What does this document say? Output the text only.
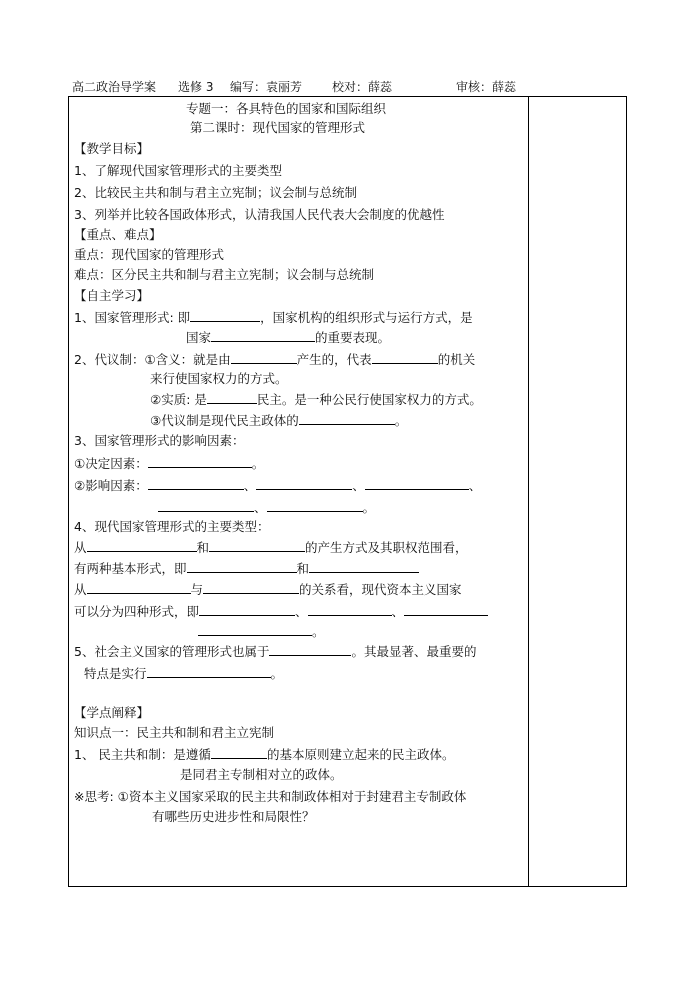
高二政治导学案 选修 3 编写：袁丽芳 校对：薛蕊	审核：薛蕊
专题一：各具特色的国家和国际组织
第二课时：现代国家的管理形式
【教学目标】
1、了解现代国家管理形式的主要类型
2、比较民主共和制与君主立宪制；议会制与总统制
3、列举并比较各国政体形式，认清我国人民代表大会制度的优越性
【重点、难点】
重点：现代国家的管理形式
难点：区分民主共和制与君主立宪制；议会制与总统制
【自主学习】
1、国家管理形式: 即	，国家机构的组织形式与运行方式，是
国家	的重要表现。
2、代议制：①含义：就是由	产生的，代表	的机关
来行使国家权力的方式。
②实质: 是	民主。是一种公民行使国家权力的方式。
③代议制是现代民主政体的	。
3、国家管理形式的影响因素：
①决定因素：	。
②影响因素：	、	、	、
、	。
4、现代国家管理形式的主要类型：
从	和	的产生方式及其职权范围看，
有两种基本形式，即	和
从	与	的关系看，现代资本主义国家
可以分为四种形式，即	、	、
。
5、社会主义国家的管理形式也属于	。其最显著、最重要的
特点是实行	。
【学点阐释】
知识点一：民主共和制和君主立宪制
1、 民主共和制：是遵循	的基本原则建立起来的民主政体。
是同君主专制相对立的政体。
※思考: ①资本主义国家采取的民主共和制政体相对于封建君主专制政体
有哪些历史进步性和局限性？
